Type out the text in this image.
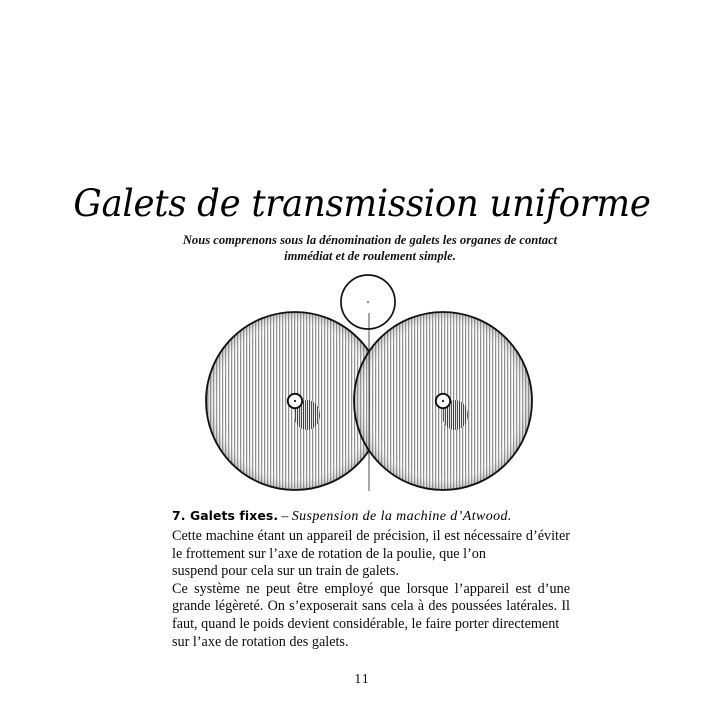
Galets de transmission uniforme

Nous comprenons sous la dénomination de galets les organes de contact immédiat et de roulement simple.

7. Galets fixes. – Suspension de la machine d’Atwood.

Cette machine étant un appareil de précision, il est nécessaire d’éviter le frottement sur l’axe de rotation de la poulie, que l’on
suspend pour cela sur un train de galets.

Ce système ne peut être employé que lorsque l’appareil est d’une grande légèreté. On s’exposerait sans cela à des poussées latérales. Il faut, quand le poids devient considérable, le faire porter directement
sur l’axe de rotation des galets.

11
